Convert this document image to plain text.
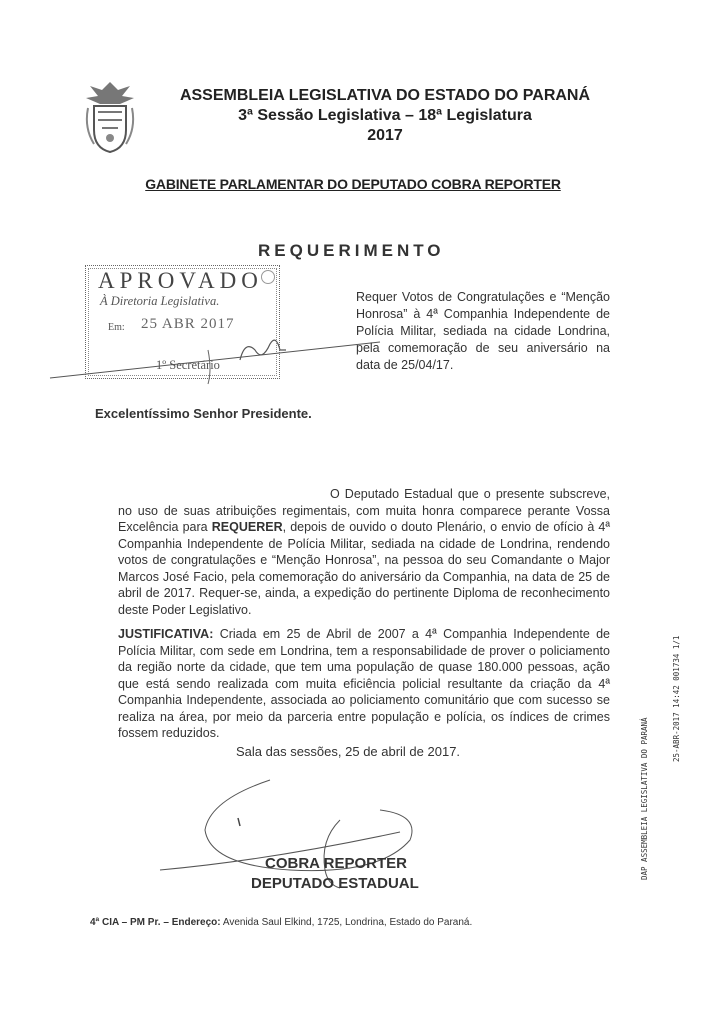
ASSEMBLEIA LEGISLATIVA DO ESTADO DO PARANÁ
3ª Sessão Legislativa – 18ª Legislatura
2017
GABINETE PARLAMENTAR DO DEPUTADO COBRA REPORTER
REQUERIMENTO
APROVADO
À Diretoria Legislativa.
Em: 25 ABR 2017
1º Secretário
Requer Votos de Congratulações e “Menção Honrosa” à 4ª Companhia Independente de Polícia Militar, sediada na cidade Londrina, pela comemoração de seu aniversário na data de 25/04/17.
Excelentíssimo Senhor Presidente.
O Deputado Estadual que o presente subscreve, no uso de suas atribuições regimentais, com muita honra comparece perante Vossa Excelência para REQUERER, depois de ouvido o douto Plenário, o envio de ofício à 4ª Companhia Independente de Polícia Militar, sediada na cidade de Londrina, rendendo votos de congratulações e “Menção Honrosa”, na pessoa do seu Comandante o Major Marcos José Facio, pela comemoração do aniversário da Companhia, na data de 25 de abril de 2017. Requer-se, ainda, a expedição do pertinente Diploma de reconhecimento deste Poder Legislativo.
JUSTIFICATIVA: Criada em 25 de Abril de 2007 a 4ª Companhia Independente de Polícia Militar, com sede em Londrina, tem a responsabilidade de prover o policiamento da região norte da cidade, que tem uma população de quase 180.000 pessoas, ação que está sendo realizada com muita eficiência policial resultante da criação da 4ª Companhia Independente, associada ao policiamento comunitário que com sucesso se realiza na área, por meio da parceria entre população e polícia, os índices de crimes fossem reduzidos.
Sala das sessões, 25 de abril de 2017.
COBRA REPORTER
DEPUTADO ESTADUAL
4ª CIA – PM Pr. – Endereço: Avenida Saul Elkind, 1725, Londrina, Estado do Paraná.
DAP ASSEMBLEIA LEGISLATIVA DO PARANÁ
25-ABR-2017 14:42 001734 1/1
